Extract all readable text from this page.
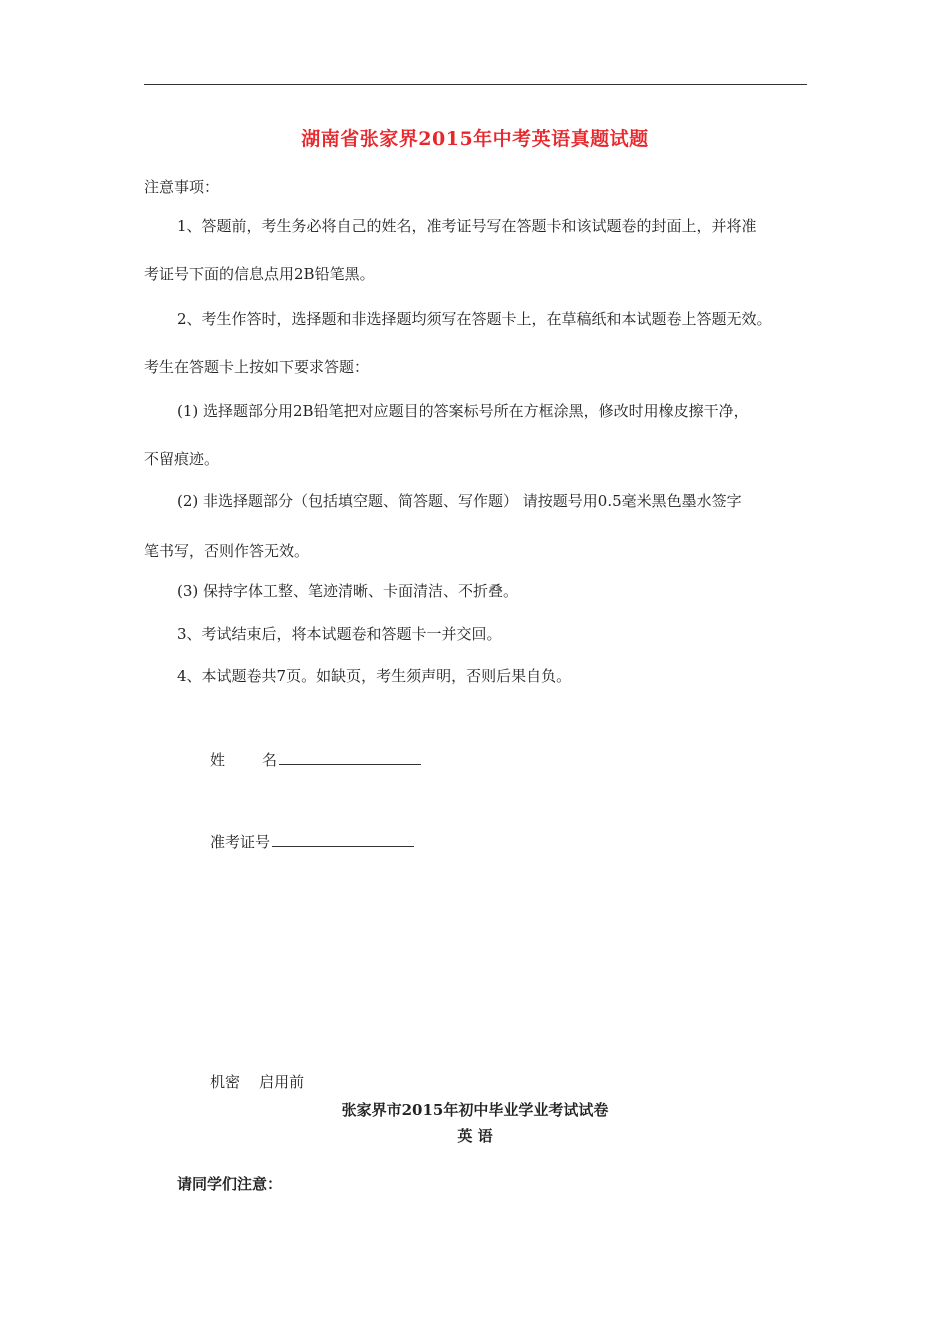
湖南省张家界2015年中考英语真题试题
注意事项：
1、答题前，考生务必将自己的姓名，准考证号写在答题卡和该试题卷的封面上，并将准
考证号下面的信息点用2B铅笔黑。
2、考生作答时，选择题和非选择题均须写在答题卡上，在草稿纸和本试题卷上答题无效。
考生在答题卡上按如下要求答题：
(1) 选择题部分用2B铅笔把对应题目的答案标号所在方框涂黑，修改时用橡皮擦干净，
不留痕迹。
(2) 非选择题部分（包括填空题、简答题、写作题） 请按题号用0.5毫米黑色墨水签字
笔书写，否则作答无效。
(3) 保持字体工整、笔迹清晰、卡面清洁、不折叠。
3、考试结束后，将本试题卷和答题卡一并交回。
4、本试题卷共7页。如缺页，考生须声明，否则后果自负。
姓 名
准考证号
机密    启用前
张家界市2015年初中毕业学业考试试卷
英 语
请同学们注意：
